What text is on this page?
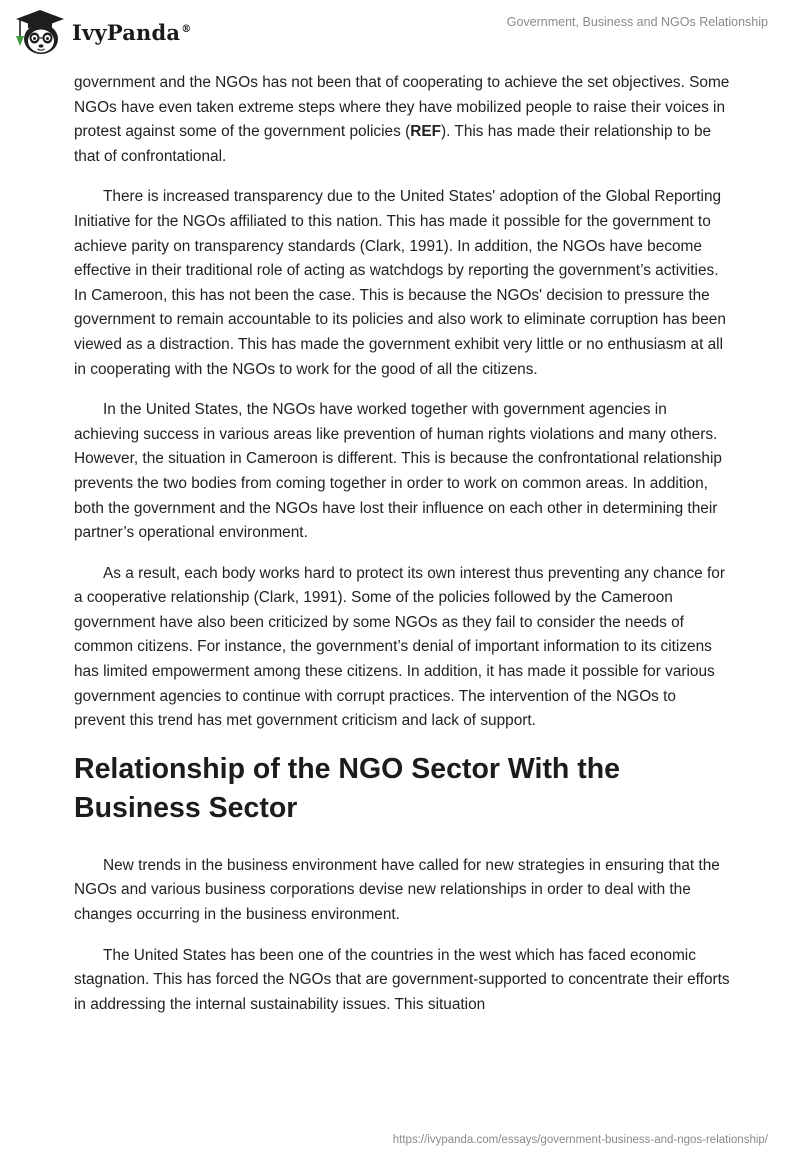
IvyPanda®	Government, Business and NGOs Relationship

government and the NGOs has not been that of cooperating to achieve the set objectives. Some NGOs have even taken extreme steps where they have mobilized people to raise their voices in protest against some of the government policies (REF). This has made their relationship to be that of confrontational.

There is increased transparency due to the United States' adoption of the Global Reporting Initiative for the NGOs affiliated to this nation. This has made it possible for the government to achieve parity on transparency standards (Clark, 1991). In addition, the NGOs have become effective in their traditional role of acting as watchdogs by reporting the government’s activities. In Cameroon, this has not been the case. This is because the NGOs' decision to pressure the government to remain accountable to its policies and also work to eliminate corruption has been viewed as a distraction. This has made the government exhibit very little or no enthusiasm at all in cooperating with the NGOs to work for the good of all the citizens.

In the United States, the NGOs have worked together with government agencies in achieving success in various areas like prevention of human rights violations and many others. However, the situation in Cameroon is different. This is because the confrontational relationship prevents the two bodies from coming together in order to work on common areas. In addition, both the government and the NGOs have lost their influence on each other in determining their partner’s operational environment.

As a result, each body works hard to protect its own interest thus preventing any chance for a cooperative relationship (Clark, 1991). Some of the policies followed by the Cameroon government have also been criticized by some NGOs as they fail to consider the needs of common citizens. For instance, the government’s denial of important information to its citizens has limited empowerment among these citizens. In addition, it has made it possible for various government agencies to continue with corrupt practices. The intervention of the NGOs to prevent this trend has met government criticism and lack of support.

Relationship of the NGO Sector With the Business Sector

New trends in the business environment have called for new strategies in ensuring that the NGOs and various business corporations devise new relationships in order to deal with the changes occurring in the business environment.

The United States has been one of the countries in the west which has faced economic stagnation. This has forced the NGOs that are government-supported to concentrate their efforts in addressing the internal sustainability issues. This situation

https://ivypanda.com/essays/government-business-and-ngos-relationship/
